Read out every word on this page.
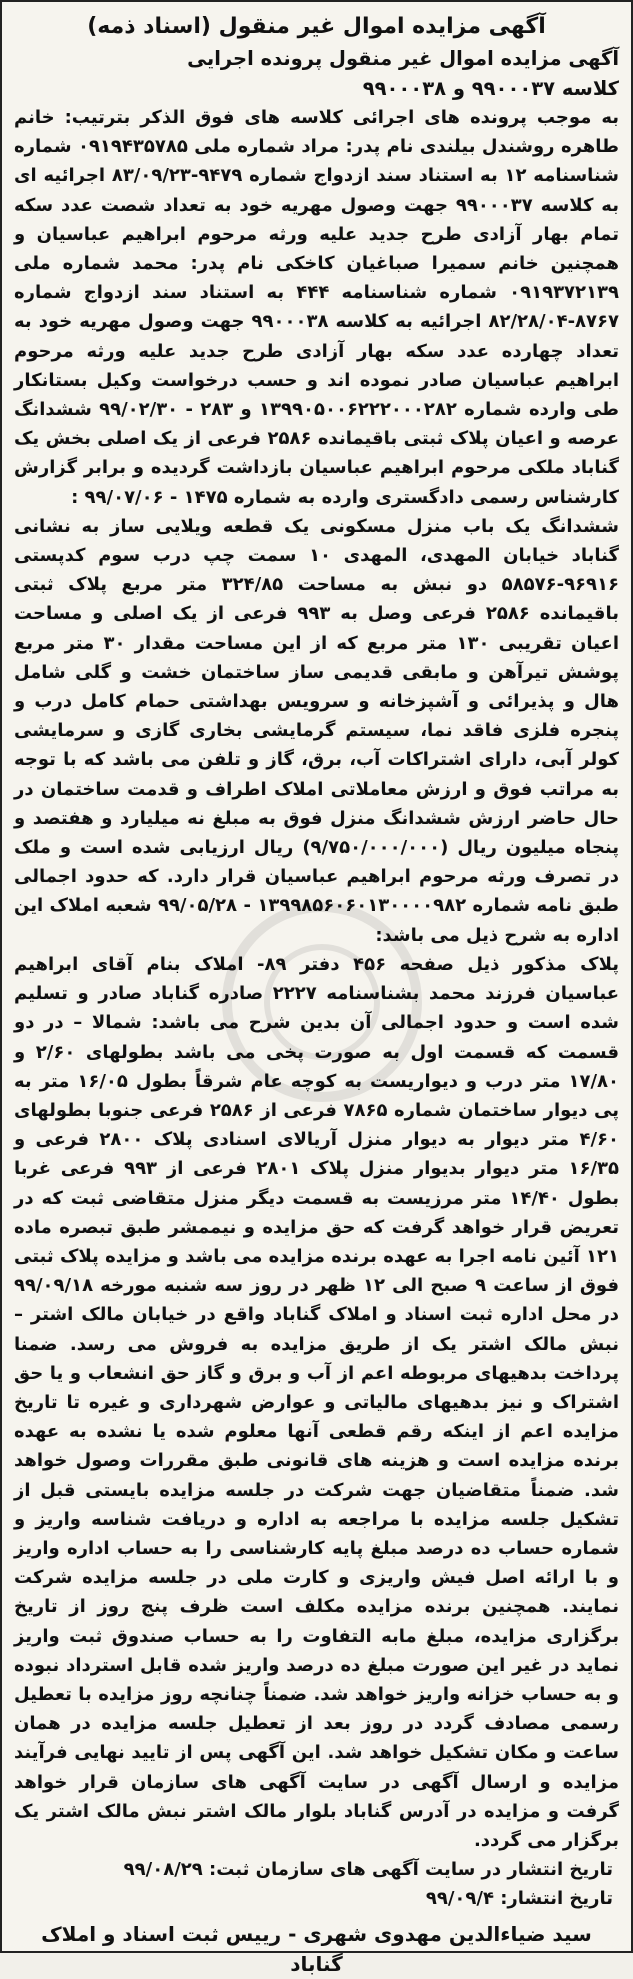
آگهی مزایده اموال غیر منقول (اسناد ذمه)
آگهی مزایده اموال غیر منقول پرونده اجرایی
کلاسه ۹۹۰۰۰۳۷ و ۹۹۰۰۰۳۸

به موجب پرونده های اجرائی کلاسه های فوق الذکر بترتیب: خانم طاهره روشندل بیلندی نام پدر: مراد شماره ملی ۰۹۱۹۴۳۵۷۸۵ شماره شناسنامه ۱۲ به استناد سند ازدواج شماره ۹۴۷۹-۸۳/۰۹/۲۳ اجرائیه ای به کلاسه ۹۹۰۰۰۳۷ جهت وصول مهریه خود به تعداد شصت عدد سکه تمام بهار آزادی طرح جدید علیه ورثه مرحوم ابراهیم عباسیان و همچنین خانم سمیرا صباغیان کاخکی نام پدر: محمد شماره ملی ۰۹۱۹۳۷۲۱۳۹ شماره شناسنامه ۴۴۴ به استناد سند ازدواج شماره ۸۷۶۷-۸۲/۲۸/۰۴ اجرائیه به کلاسه ۹۹۰۰۰۳۸ جهت وصول مهریه خود به تعداد چهارده عدد سکه بهار آزادی طرح جدید علیه ورثه مرحوم ابراهیم عباسیان صادر نموده اند و حسب درخواست وکیل بستانکار طی وارده شماره ۱۳۹۹۰۵۰۰۶۲۲۲۰۰۰۲۸۲ و ۲۸۳ - ۹۹/۰۲/۳۰ ششدانگ عرصه و اعیان پلاک ثبتی باقیمانده ۲۵۸۶ فرعی از یک اصلی بخش یک گناباد ملکی مرحوم ابراهیم عباسیان بازداشت گردیده و برابر گزارش کارشناس رسمی دادگستری وارده به شماره ۱۴۷۵ - ۹۹/۰۷/۰۶ :

ششدانگ یک باب منزل مسکونی یک قطعه ویلایی ساز به نشانی گناباد خیابان المهدی، المهدی ۱۰ سمت چپ درب سوم کدپستی ۹۶۹۱۶-۵۸۵۷۶ دو نبش به مساحت ۳۲۴/۸۵ متر مربع پلاک ثبتی باقیمانده ۲۵۸۶ فرعی وصل به ۹۹۳ فرعی از یک اصلی و مساحت اعیان تقریبی ۱۳۰ متر مربع که از این مساحت مقدار ۳۰ متر مربع پوشش تیرآهن و مابقی قدیمی ساز ساختمان خشت و گلی شامل هال و پذیرائی و آشپزخانه و سرویس بهداشتی حمام کامل درب و پنجره فلزی فاقد نما، سیستم گرمایشی بخاری گازی و سرمایشی کولر آبی، دارای اشتراکات آب، برق، گاز و تلفن می باشد که با توجه به مراتب فوق و ارزش معاملاتی املاک اطراف و قدمت ساختمان در حال حاضر ارزش ششدانگ منزل فوق به مبلغ نه میلیارد و هفتصد و پنجاه میلیون ریال (۹/۷۵۰/۰۰۰/۰۰۰) ریال ارزیابی شده است و ملک در تصرف ورثه مرحوم ابراهیم عباسیان قرار دارد. که حدود اجمالی طبق نامه شماره ۱۳۹۹۸۵۶۰۶۰۱۳۰۰۰۰۹۸۲ - ۹۹/۰۵/۲۸ شعبه املاک این اداره به شرح ذیل می باشد:

پلاک مذکور ذیل صفحه ۴۵۶ دفتر ۸۹- املاک بنام آقای ابراهیم عباسیان فرزند محمد بشناسنامه ۲۲۲۷ صادره گناباد صادر و تسلیم شده است و حدود اجمالی آن بدین شرح می باشد: شمالا – در دو قسمت که قسمت اول به صورت پخی می باشد بطولهای ۲/۶۰ و ۱۷/۸۰ متر درب و دیواریست به کوچه عام شرقاً بطول ۱۶/۰۵ متر به پی دیوار ساختمان شماره ۷۸۶۵ فرعی از ۲۵۸۶ فرعی جنوبا بطولهای ۴/۶۰ متر دیوار به دیوار منزل آریالای اسنادی پلاک ۲۸۰۰ فرعی و ۱۶/۳۵ متر دیوار بدیوار منزل پلاک ۲۸۰۱ فرعی از ۹۹۳ فرعی غربا بطول ۱۴/۴۰ متر مرزیست به قسمت دیگر منزل متقاضی ثبت که در تعریض قرار خواهد گرفت که حق مزایده و نیممشر طبق تبصره ماده ۱۲۱ آئین نامه اجرا به عهده برنده مزایده می باشد و مزایده پلاک ثبتی فوق از ساعت ۹ صبح الی ۱۲ ظهر در روز سه شنبه مورخه ۹۹/۰۹/۱۸ در محل اداره ثبت اسناد و املاک گناباد واقع در خیابان مالک اشتر – نبش مالک اشتر یک از طریق مزایده به فروش می رسد. ضمنا پرداخت بدهیهای مربوطه اعم از آب و برق و گاز حق انشعاب و یا حق اشتراک و نیز بدهیهای مالیاتی و عوارض شهرداری و غیره تا تاریخ مزایده اعم از اینکه رقم قطعی آنها معلوم شده یا نشده به عهده برنده مزایده است و هزینه های قانونی طبق مقررات وصول خواهد شد. ضمناً متقاضیان جهت شرکت در جلسه مزایده بایستی قبل از تشکیل جلسه مزایده با مراجعه به اداره و دریافت شناسه واریز و شماره حساب ده درصد مبلغ پایه کارشناسی را به حساب اداره واریز و با ارائه اصل فیش واریزی و کارت ملی در جلسه مزایده شرکت نمایند. همچنین برنده مزایده مکلف است ظرف پنج روز از تاریخ برگزاری مزایده، مبلغ مابه التفاوت را به حساب صندوق ثبت واریز نماید در غیر این صورت مبلغ ده درصد واریز شده قابل استرداد نبوده و به حساب خزانه واریز خواهد شد. ضمناً چنانچه روز مزایده با تعطیل رسمی مصادف گردد در روز بعد از تعطیل جلسه مزایده در همان ساعت و مکان تشکیل خواهد شد. این آگهی پس از تایید نهایی فرآیند مزایده و ارسال آگهی در سایت آگهی های سازمان قرار خواهد گرفت و مزایده در آدرس گناباد بلوار مالک اشتر نبش مالک اشتر یک برگزار می گردد.

تاریخ انتشار در سایت آگهی های سازمان ثبت: ۹۹/۰۸/۲۹
تاریخ انتشار: ۹۹/۰۹/۴
سید ضیاءالدین مهدوی شهری - رییس ثبت اسناد و املاک گناباد
